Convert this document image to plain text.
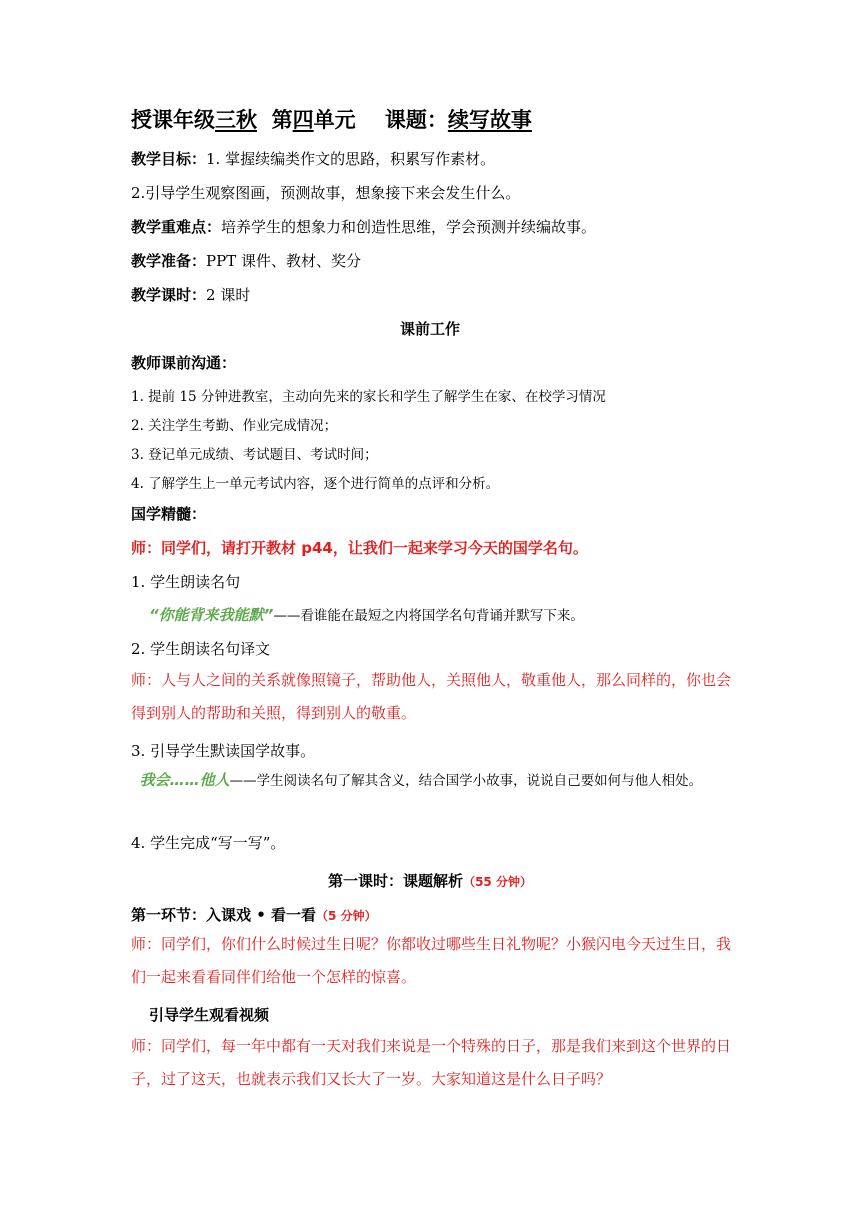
授课年级三秋 第四单元 课题：续写故事
教学目标：1. 掌握续编类作文的思路，积累写作素材。
2.引导学生观察图画，预测故事，想象接下来会发生什么。
教学重难点：培养学生的想象力和创造性思维，学会预测并续编故事。
教学准备：PPT 课件、教材、奖分
教学课时：2 课时
课前工作
教师课前沟通：
1. 提前 15 分钟进教室，主动向先来的家长和学生了解学生在家、在校学习情况
2. 关注学生考勤、作业完成情况；
3. 登记单元成绩、考试题目、考试时间；
4. 了解学生上一单元考试内容，逐个进行简单的点评和分析。
国学精髓：
师：同学们，请打开教材 p44，让我们一起来学习今天的国学名句。
1. 学生朗读名句
“你能背来我能默”——看谁能在最短之内将国学名句背诵并默写下来。
2. 学生朗读名句译文
师：人与人之间的关系就像照镜子，帮助他人，关照他人，敬重他人，那么同样的，你也会得到别人的帮助和关照，得到别人的敬重。
3. 引导学生默读国学故事。
我会……他人——学生阅读名句了解其含义，结合国学小故事，说说自己要如何与他人相处。
4. 学生完成“写一写”。
第一课时：课题解析（55 分钟）
第一环节：入课戏 • 看一看（5 分钟）
师：同学们，你们什么时候过生日呢？你都收过哪些生日礼物呢？小猴闪电今天过生日，我们一起来看看同伴们给他一个怎样的惊喜。
引导学生观看视频
师：同学们，每一年中都有一天对我们来说是一个特殊的日子，那是我们来到这个世界的日子，过了这天，也就表示我们又长大了一岁。大家知道这是什么日子吗？
